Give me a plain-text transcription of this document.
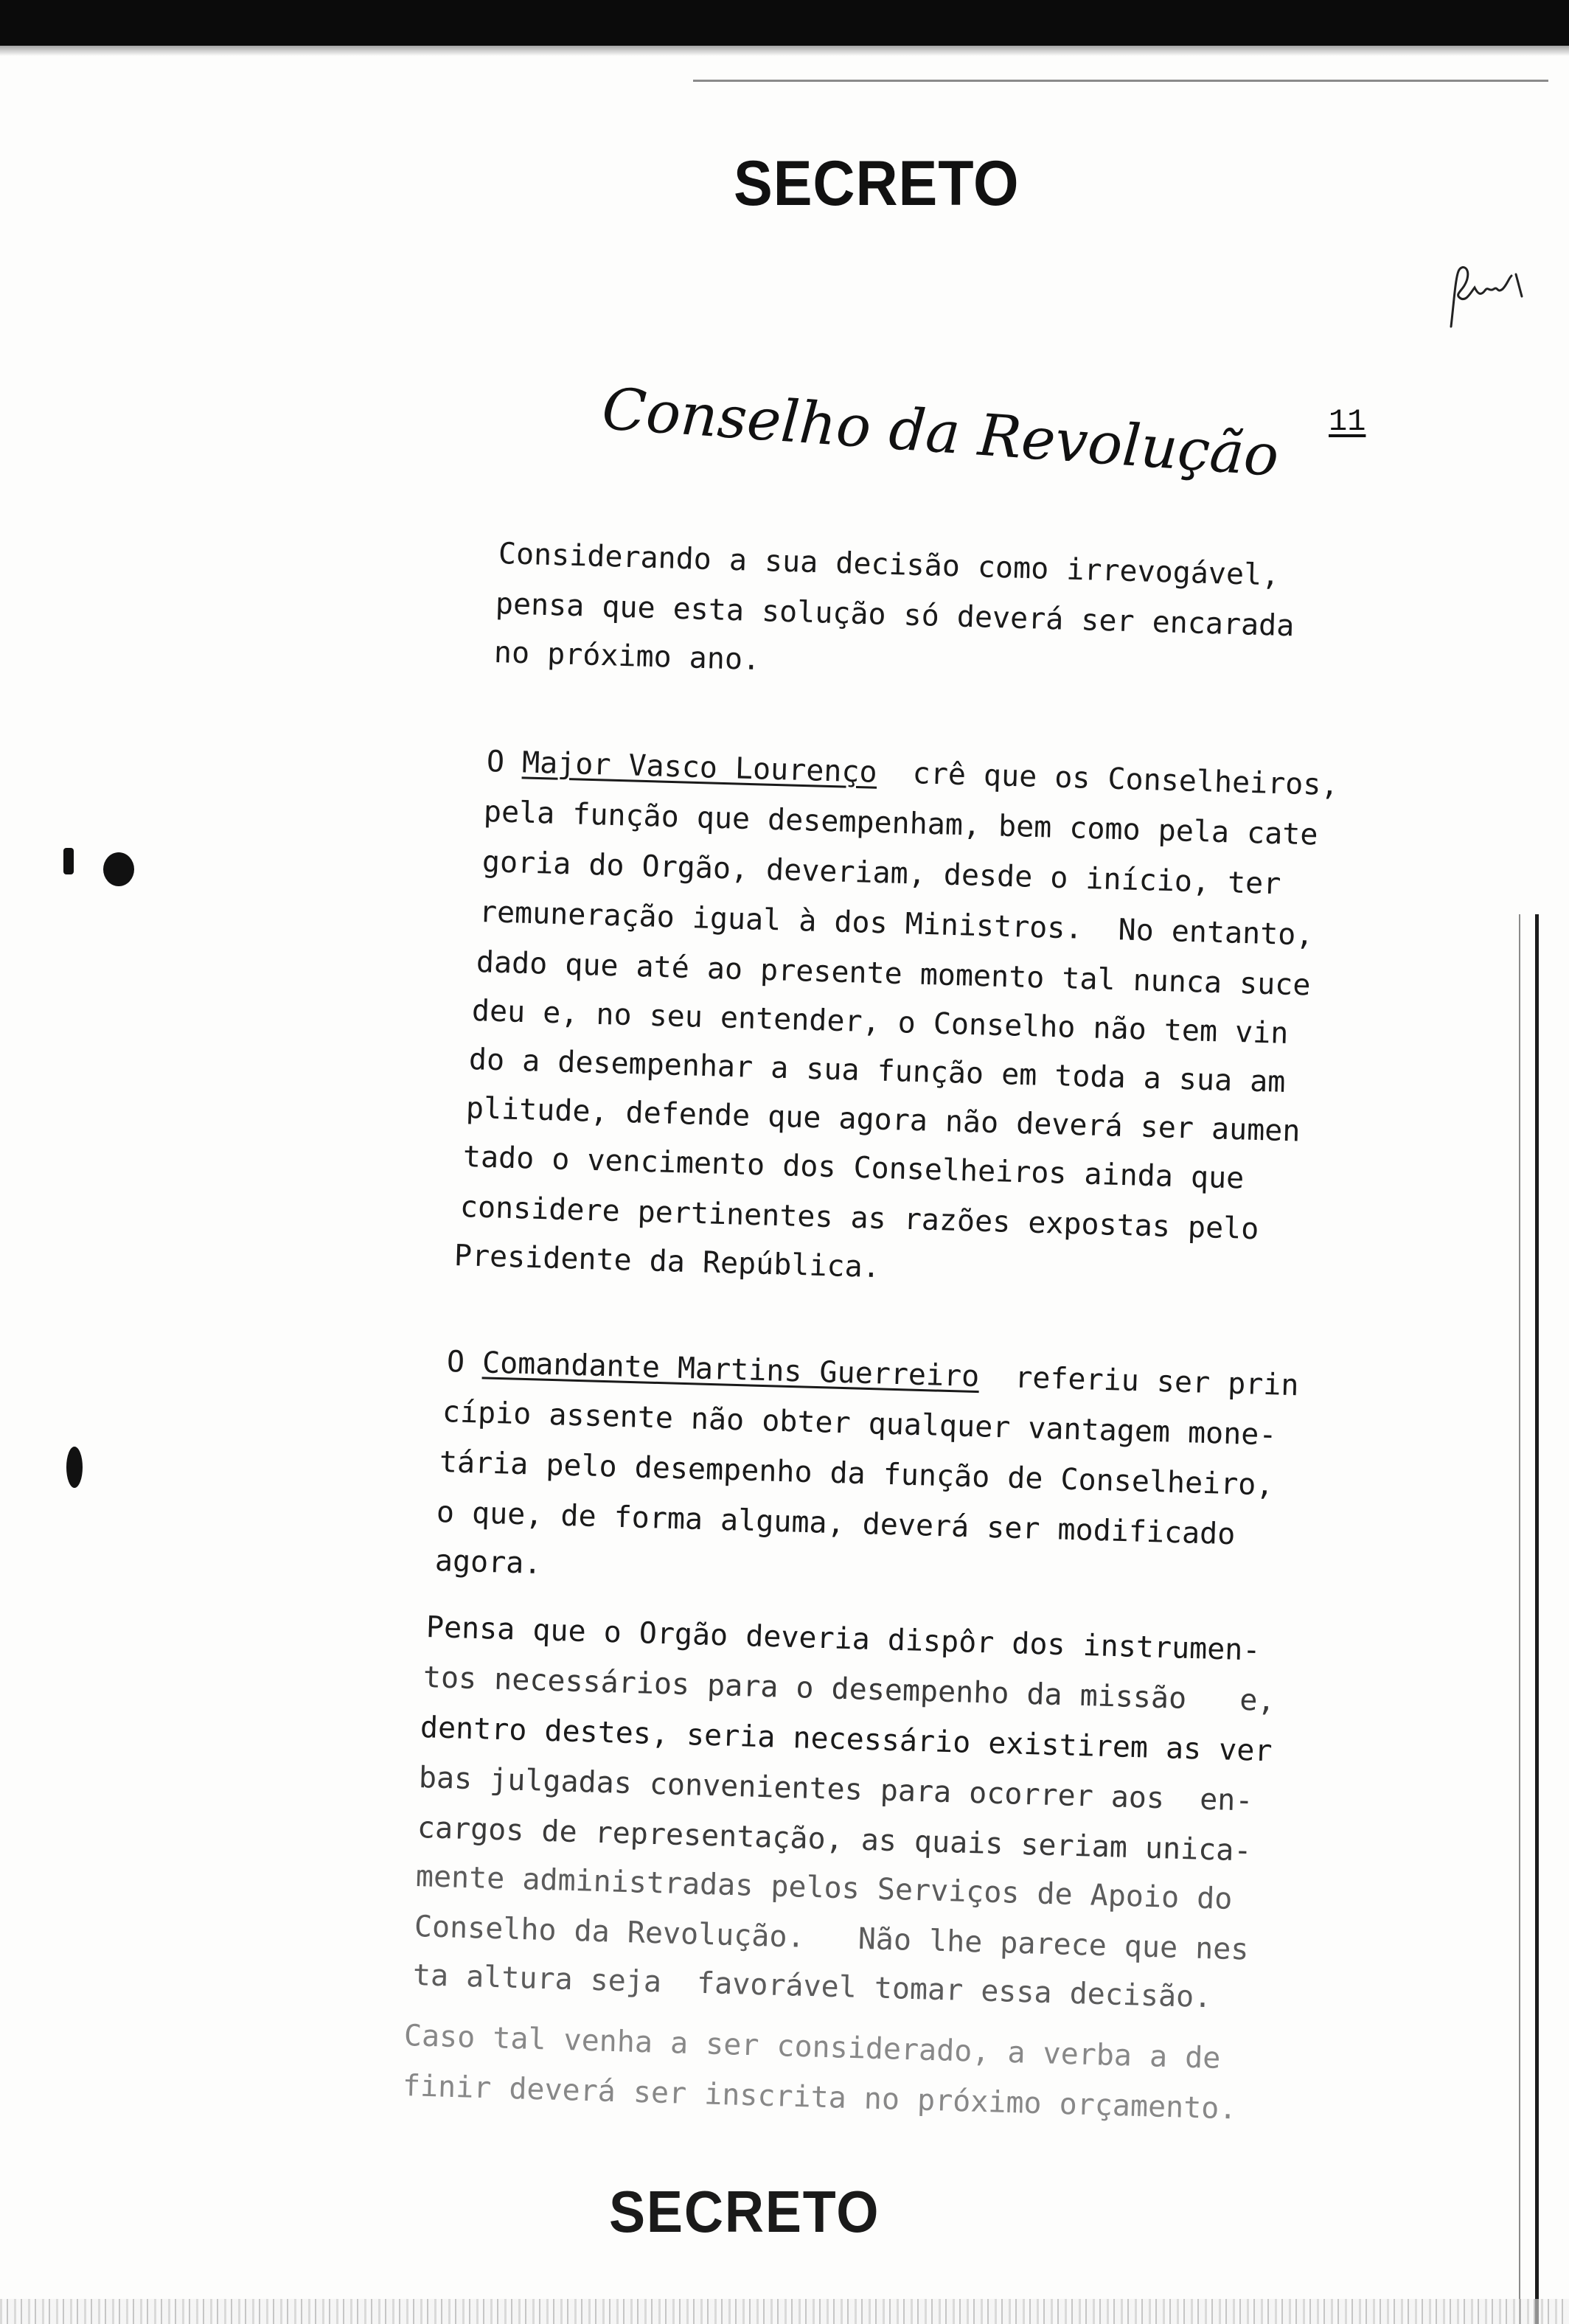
SECRETO
Conselho da Revolução 11
Considerando a sua decisão como irrevogável,
pensa que esta solução só deverá ser encarada
no próximo ano.
O Major Vasco Lourenço  crê que os Conselheiros,
pela função que desempenham, bem como pela cate
goria do Orgão, deveriam, desde o início, ter
remuneração igual à dos Ministros.  No entanto,
dado que até ao presente momento tal nunca suce
deu e, no seu entender, o Conselho não tem vin
do a desempenhar a sua função em toda a sua am
plitude, defende que agora não deverá ser aumen
tado o vencimento dos Conselheiros ainda que
considere pertinentes as razões expostas pelo
Presidente da República.
O Comandante Martins Guerreiro  referiu ser prin
cípio assente não obter qualquer vantagem mone-
tária pelo desempenho da função de Conselheiro,
o que, de forma alguma, deverá ser modificado
agora.
Pensa que o Orgão deveria dispôr dos instrumen-
tos necessários para o desempenho da missão   e,
dentro destes, seria necessário existirem as ver
bas julgadas convenientes para ocorrer aos  en-
cargos de representação, as quais seriam unica-
mente administradas pelos Serviços de Apoio do
Conselho da Revolução.   Não lhe parece que nes
ta altura seja  favorável tomar essa decisão.
Caso tal venha a ser considerado, a verba a de
finir deverá ser inscrita no próximo orçamento.
SECRETO
